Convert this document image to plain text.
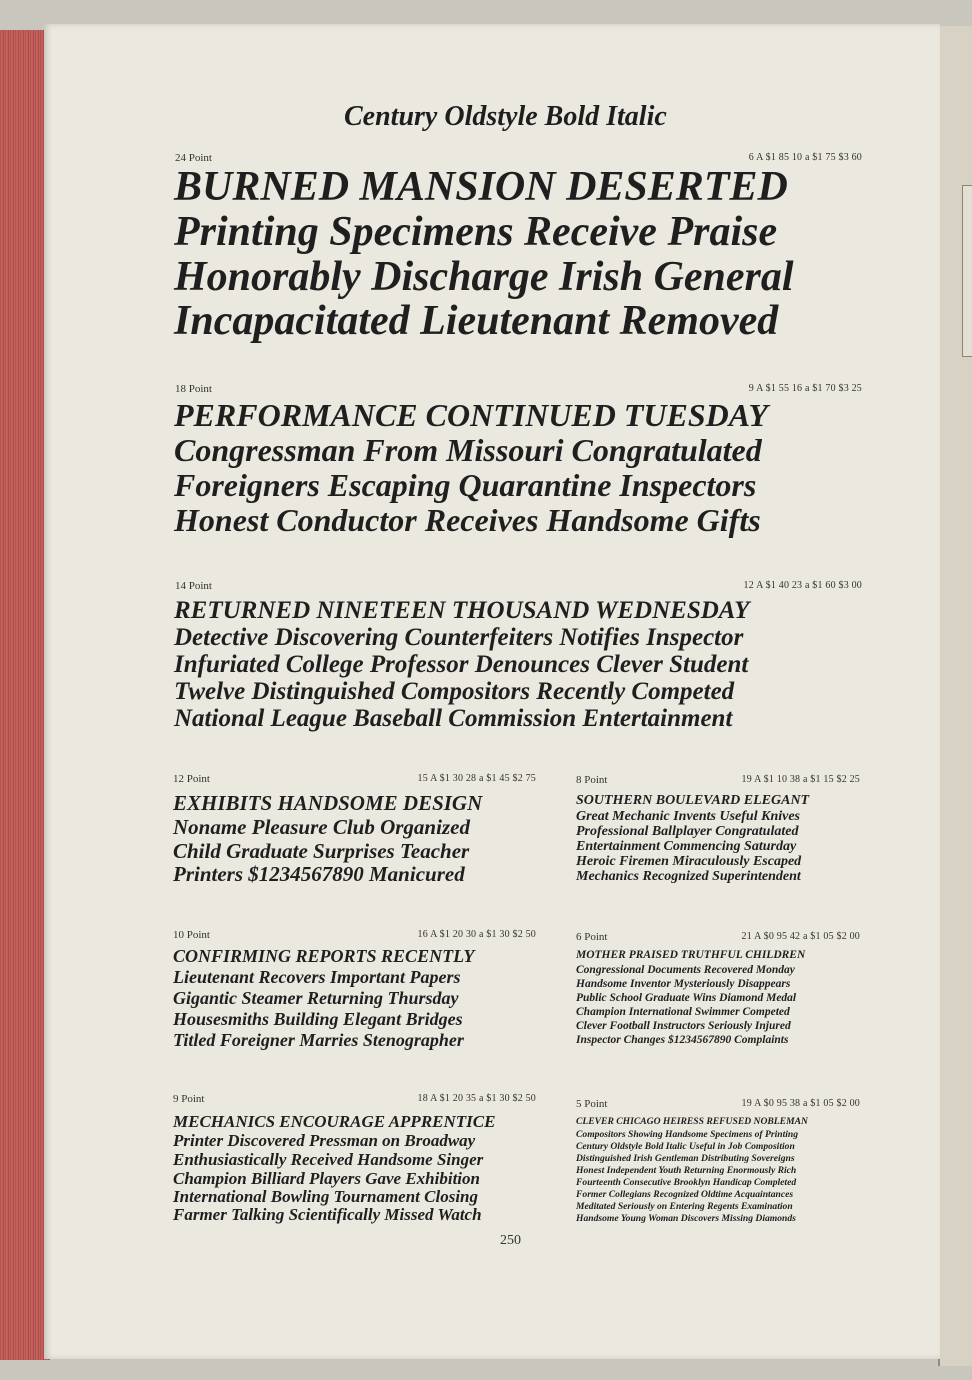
Century Oldstyle Bold Italic
24 Point	6 A $1 85 10 a $1 75 $3 60
BURNED MANSION DESERTED
Printing Specimens Receive Praise
Honorably Discharge Irish General
Incapacitated Lieutenant Removed
18 Point	9 A $1 55 16 a $1 70 $3 25
PERFORMANCE CONTINUED TUESDAY
Congressman From Missouri Congratulated
Foreigners Escaping Quarantine Inspectors
Honest Conductor Receives Handsome Gifts
14 Point	12 A $1 40 23 a $1 60 $3 00
RETURNED NINETEEN THOUSAND WEDNESDAY
Detective Discovering Counterfeiters Notifies Inspector
Infuriated College Professor Denounces Clever Student
Twelve Distinguished Compositors Recently Competed
National League Baseball Commission Entertainment
12 Point	15 A $1 30 28 a $1 45 $2 75
EXHIBITS HANDSOME DESIGN
Noname Pleasure Club Organized
Child Graduate Surprises Teacher
Printers $1234567890 Manicured
8 Point	19 A $1 10 38 a $1 15 $2 25
SOUTHERN BOULEVARD ELEGANT
Great Mechanic Invents Useful Knives
Professional Ballplayer Congratulated
Entertainment Commencing Saturday
Heroic Firemen Miraculously Escaped
Mechanics Recognized Superintendent
10 Point	16 A $1 20 30 a $1 30 $2 50
CONFIRMING REPORTS RECENTLY
Lieutenant Recovers Important Papers
Gigantic Steamer Returning Thursday
Housesmiths Building Elegant Bridges
Titled Foreigner Marries Stenographer
6 Point	21 A $0 95 42 a $1 05 $2 00
MOTHER PRAISED TRUTHFUL CHILDREN
Congressional Documents Recovered Monday
Handsome Inventor Mysteriously Disappears
Public School Graduate Wins Diamond Medal
Champion International Swimmer Competed
Clever Football Instructors Seriously Injured
Inspector Changes $1234567890 Complaints
9 Point	18 A $1 20 35 a $1 30 $2 50
MECHANICS ENCOURAGE APPRENTICE
Printer Discovered Pressman on Broadway
Enthusiastically Received Handsome Singer
Champion Billiard Players Gave Exhibition
International Bowling Tournament Closing
Farmer Talking Scientifically Missed Watch
5 Point	19 A $0 95 38 a $1 05 $2 00
CLEVER CHICAGO HEIRESS REFUSED NOBLEMAN
Compositors Showing Handsome Specimens of Printing
Century Oldstyle Bold Italic Useful in Job Composition
Distinguished Irish Gentleman Distributing Sovereigns
Honest Independent Youth Returning Enormously Rich
Fourteenth Consecutive Brooklyn Handicap Completed
Former Collegians Recognized Oldtime Acquaintances
Meditated Seriously on Entering Regents Examination
Handsome Young Woman Discovers Missing Diamonds
250
